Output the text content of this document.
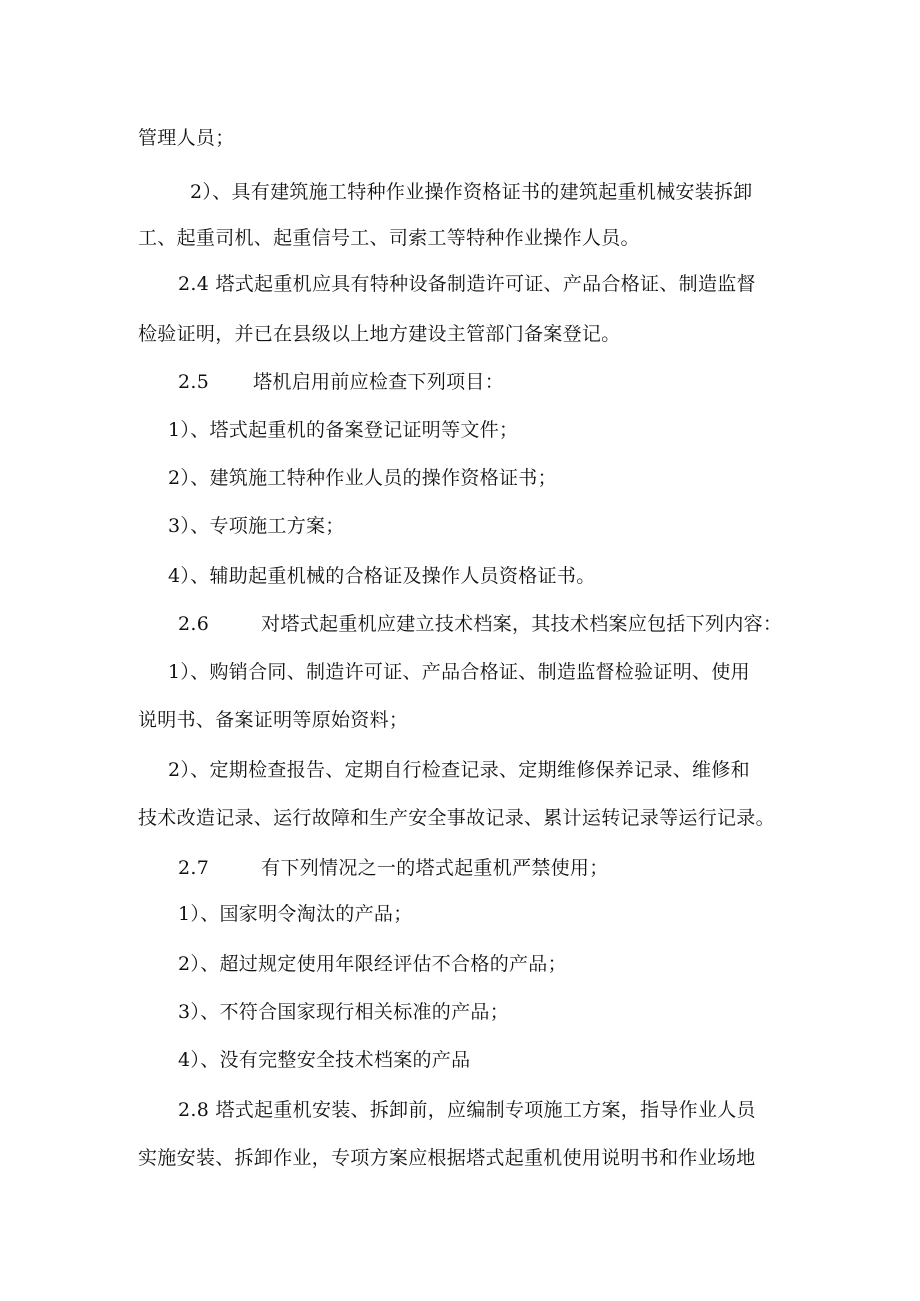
管理人员；
2）、具有建筑施工特种作业操作资格证书的建筑起重机械安装拆卸
工、起重司机、起重信号工、司索工等特种作业操作人员。
2.4 塔式起重机应具有特种设备制造许可证、产品合格证、制造监督
检验证明，并已在县级以上地方建设主管部门备案登记。
2.5 塔机启用前应检查下列项目：
1）、塔式起重机的备案登记证明等文件；
2）、建筑施工特种作业人员的操作资格证书；
3）、专项施工方案；
4）、辅助起重机械的合格证及操作人员资格证书。
2.6	对塔式起重机应建立技术档案，其技术档案应包括下列内容：
1）、购销合同、制造许可证、产品合格证、制造监督检验证明、使用
说明书、备案证明等原始资料；
2）、定期检查报告、定期自行检查记录、定期维修保养记录、维修和
技术改造记录、运行故障和生产安全事故记录、累计运转记录等运行记录。
2.7	有下列情况之一的塔式起重机严禁使用；
1）、国家明令淘汰的产品；
2）、超过规定使用年限经评估不合格的产品；
3）、不符合国家现行相关标准的产品；
4）、没有完整安全技术档案的产品
2.8 塔式起重机安装、拆卸前，应编制专项施工方案，指导作业人员
实施安装、拆卸作业，专项方案应根据塔式起重机使用说明书和作业场地
